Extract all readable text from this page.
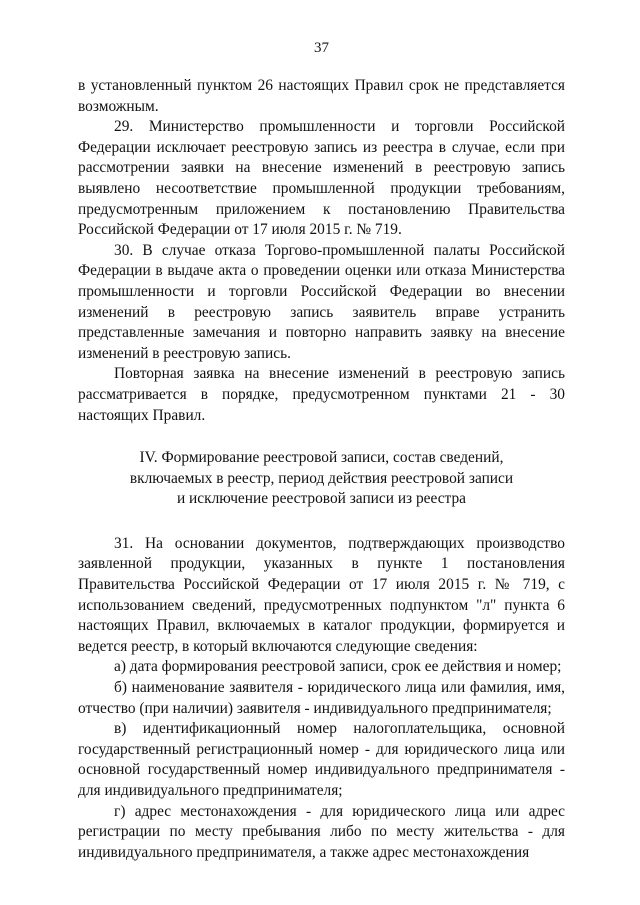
37

в установленный пунктом 26 настоящих Правил срок не представляется возможным.

29. Министерство промышленности и торговли Российской Федерации исключает реестровую запись из реестра в случае, если при рассмотрении заявки на внесение изменений в реестровую запись выявлено несоответствие промышленной продукции требованиям, предусмотренным приложением к постановлению Правительства Российской Федерации от 17 июля 2015 г. № 719.

30. В случае отказа Торгово-промышленной палаты Российской Федерации в выдаче акта о проведении оценки или отказа Министерства промышленности и торговли Российской Федерации во внесении изменений в реестровую запись заявитель вправе устранить представленные замечания и повторно направить заявку на внесение изменений в реестровую запись.

Повторная заявка на внесение изменений в реестровую запись рассматривается в порядке, предусмотренном пунктами 21 - 30 настоящих Правил.

IV. Формирование реестровой записи, состав сведений,
включаемых в реестр, период действия реестровой записи
и исключение реестровой записи из реестра

31. На основании документов, подтверждающих производство заявленной продукции, указанных в пункте 1 постановления Правительства Российской Федерации от 17 июля 2015 г. № 719, с использованием сведений, предусмотренных подпунктом "л" пункта 6 настоящих Правил, включаемых в каталог продукции, формируется и ведется реестр, в который включаются следующие сведения:

а) дата формирования реестровой записи, срок ее действия и номер;

б) наименование заявителя - юридического лица или фамилия, имя, отчество (при наличии) заявителя - индивидуального предпринимателя;

в) идентификационный номер налогоплательщика, основной государственный регистрационный номер - для юридического лица или основной государственный номер индивидуального предпринимателя - для индивидуального предпринимателя;

г) адрес местонахождения - для юридического лица или адрес регистрации по месту пребывания либо по месту жительства - для индивидуального предпринимателя, а также адрес местонахождения
